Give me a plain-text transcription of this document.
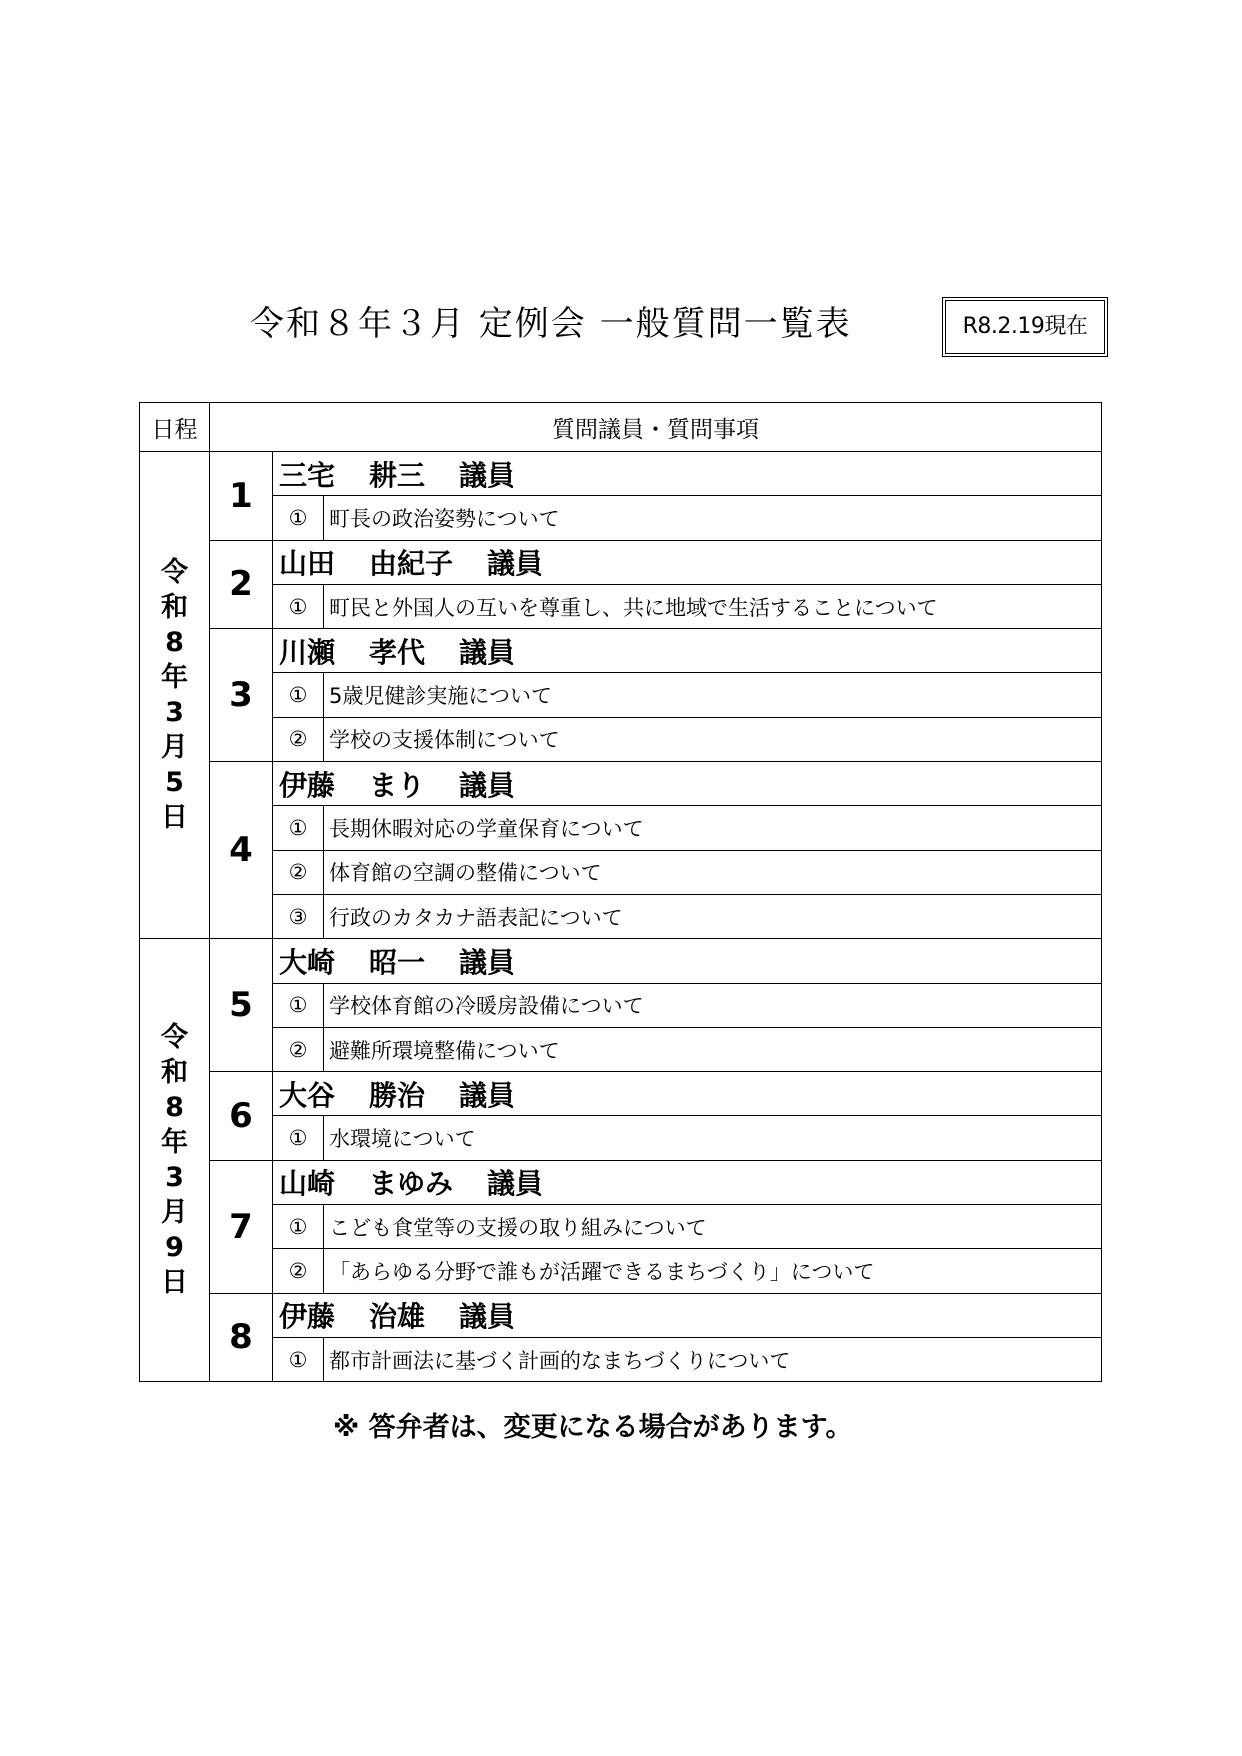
令和８年３月 定例会 一般質問一覧表	R8.2.19現在
日程	質問議員・質問事項		

令
和
8
年
3
月
5
日
	1	三宅 耕三 議員
		①	町長の政治姿勢について
	2	山田 由紀子 議員	
		①	町民と外国人の互いを尊重し、共に地域で生活することについて
	3	川瀬 孝代 議員	
		①	5歳児健診実施について
		②	学校の支援体制について
	4	伊藤 まり 議員	
		①	長期休暇対応の学童保育について
		②	体育館の空調の整備について
		③	行政のカタカナ語表記について

令
和
8
年
3
月
9
日
	5	大崎 昭一 議員
		①	学校体育館の冷暖房設備について
		②	避難所環境整備について
	6	大谷 勝治 議員	
		①	水環境について
	7	山崎 まゆみ 議員	
		①	こども食堂等の支援の取り組みについて
		②	「あらゆる分野で誰もが活躍できるまちづくり」について
	8	伊藤 治雄 議員	
		①	都市計画法に基づく計画的なまちづくりについて
※ 答弁者は、変更になる場合があります。
